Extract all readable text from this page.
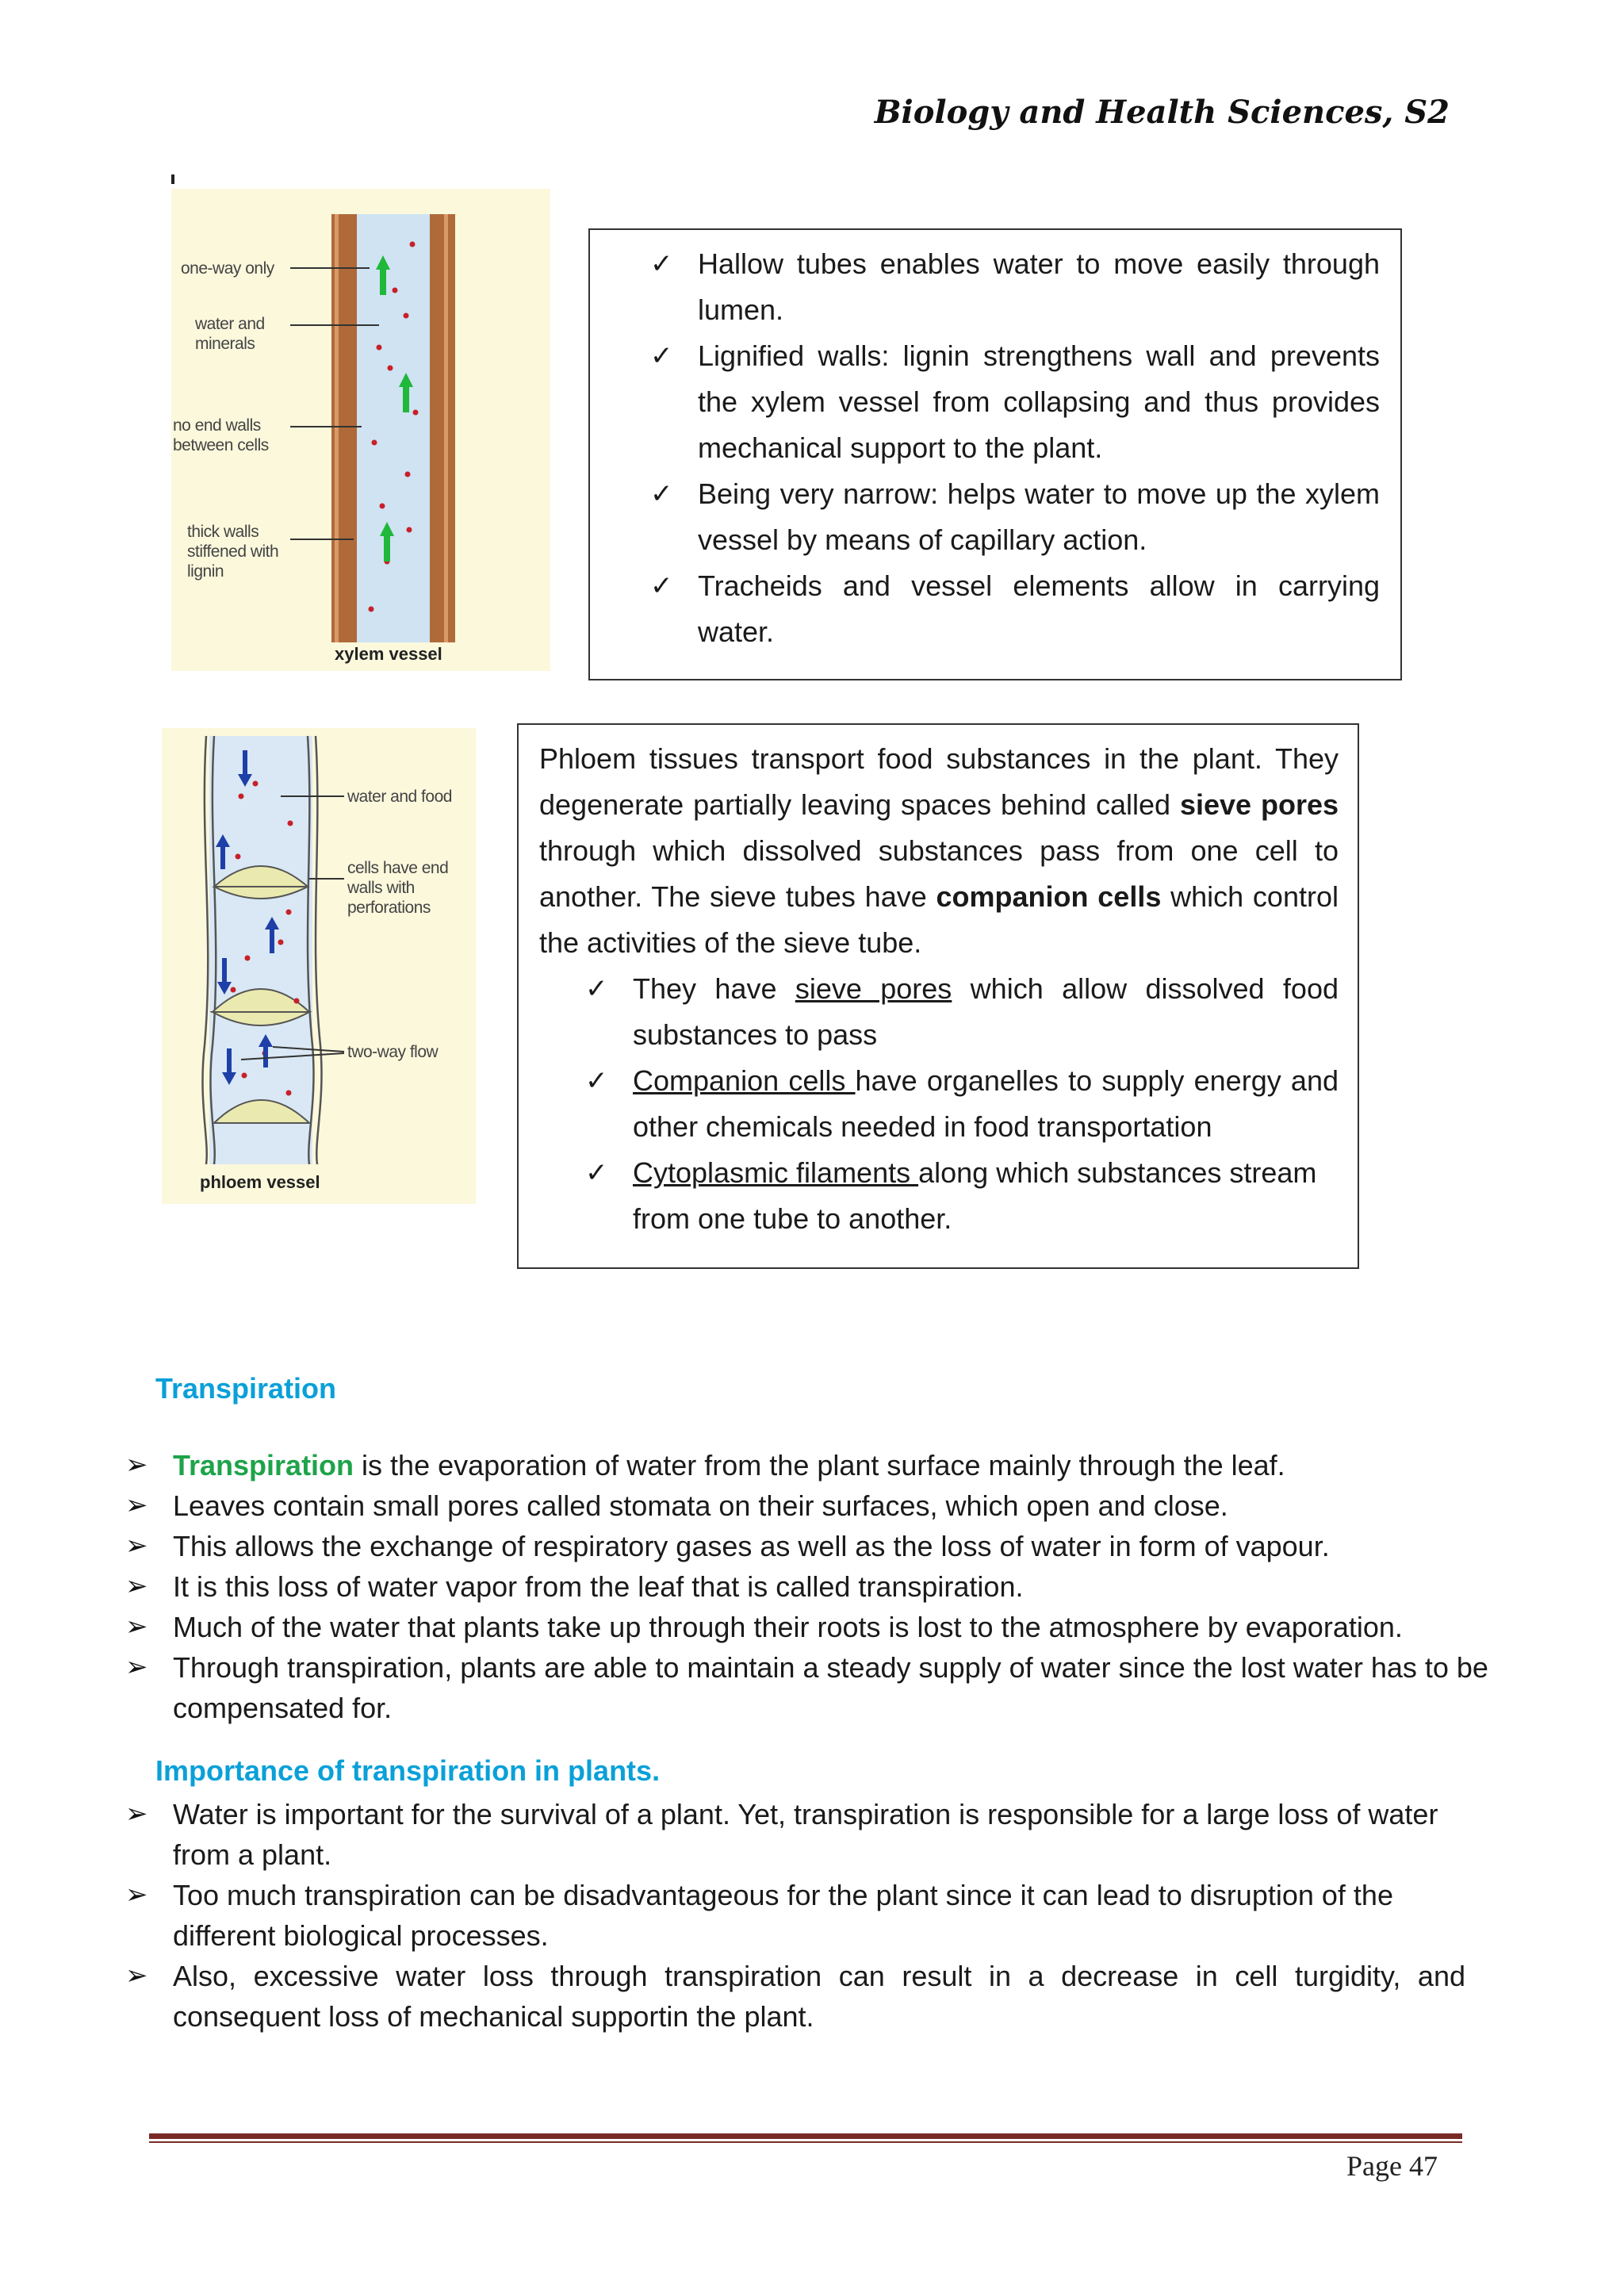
Biology and Health Sciences, S2
one-way only
water and minerals
no end walls between cells
thick walls stiffened with lignin
xylem vessel
✓ Hallow tubes enables water to move easily through lumen.
✓ Lignified walls: lignin strengthens wall and prevents the xylem vessel from collapsing and thus provides mechanical support to the plant.
✓ Being very narrow: helps water to move up the xylem vessel by means of capillary action.
✓ Tracheids and vessel elements allow in carrying water.
water and food
cells have end walls with perforations
two-way flow
phloem vessel
Phloem tissues transport food substances in the plant. They degenerate partially leaving spaces behind called sieve pores through which dissolved substances pass from one cell to another. The sieve tubes have companion cells which control the activities of the sieve tube.
✓ They have sieve pores which allow dissolved food substances to pass
✓ Companion cells have organelles to supply energy and other chemicals needed in food transportation
✓ Cytoplasmic filaments along which substances stream from one tube to another.
Transpiration
➢ Transpiration is the evaporation of water from the plant surface mainly through the leaf.
➢ Leaves contain small pores called stomata on their surfaces, which open and close.
➢ This allows the exchange of respiratory gases as well as the loss of water in form of vapour.
➢ It is this loss of water vapor from the leaf that is called transpiration.
➢ Much of the water that plants take up through their roots is lost to the atmosphere by evaporation.
➢ Through transpiration, plants are able to maintain a steady supply of water since the lost water has to be compensated for.
Importance of transpiration in plants.
➢ Water is important for the survival of a plant. Yet, transpiration is responsible for a large loss of water from a plant.
➢ Too much transpiration can be disadvantageous for the plant since it can lead to disruption of the different biological processes.
➢ Also, excessive water loss through transpiration can result in a decrease in cell turgidity, and consequent loss of mechanical supportin the plant.
Page 47
